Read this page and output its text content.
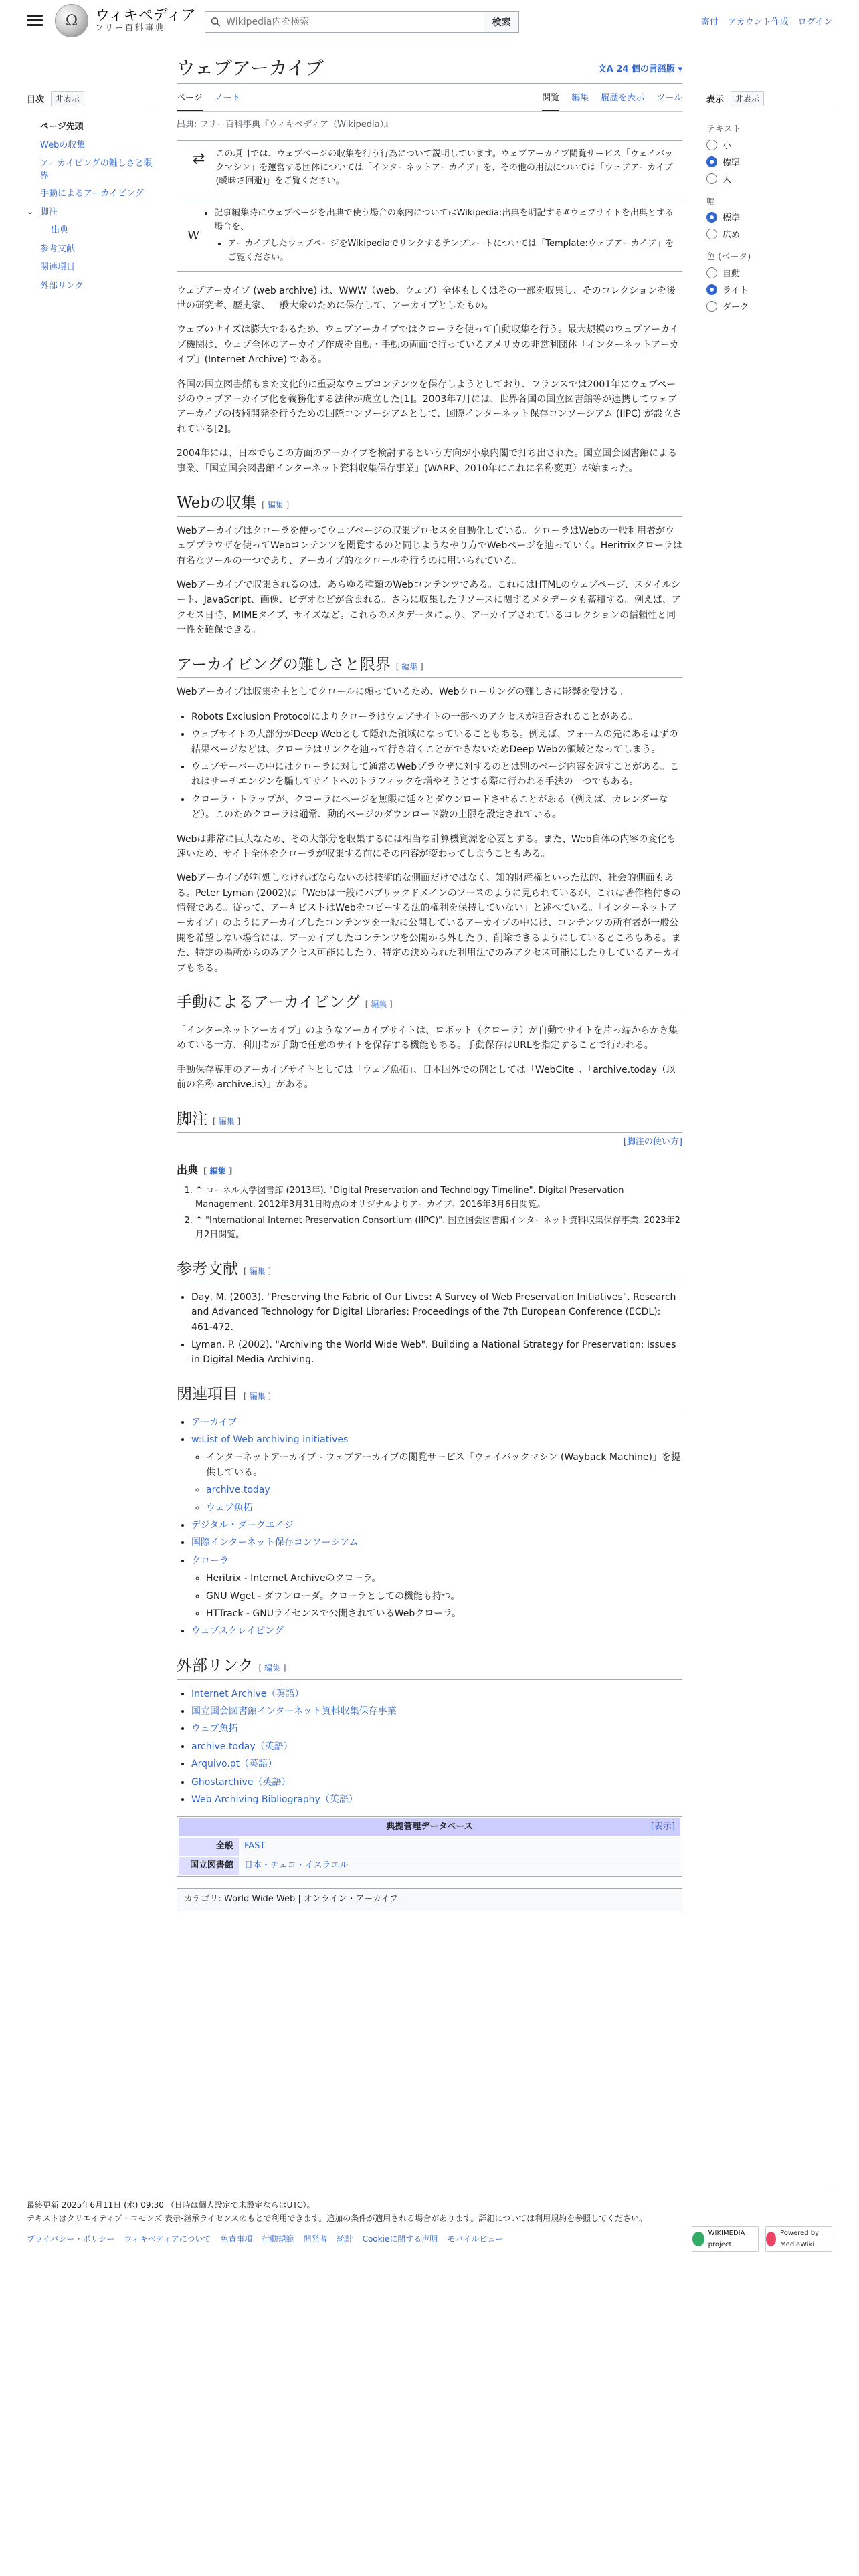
Ω	ウィキペディア
フリー百科事典
Wikipedia内を検索
検索	寄付 アカウント作成 ログイン
目次	非表示
ページ先頭
Webの収集
アーカイビングの難しさと限界
手動によるアーカイビング
⌄ 脚注
出典
参考文献
関連項目
外部リンク
ウェブアーカイブ	文A 24 個の言語版 ▾
ページ ノート	閲覧 編集 履歴を表示 ツール
出典: フリー百科事典『ウィキペディア（Wikipedia）』
⇄ この項目では、ウェブページの収集を行う行為について説明しています。ウェブアーカイブ閲覧サービス「ウェイバックマシン」を運営する団体については「インターネットアーカイブ」を、その他の用法については「ウェブアーカイブ (曖昧さ回避)」をご覧ください。
W
• 記事編集時にウェブページを出典で使う場合の案内についてはWikipedia:出典を明記する#ウェブサイトを出典とする場合を、
• アーカイブしたウェブページをWikipediaでリンクするテンプレートについては「Template:ウェブアーカイブ」をご覧ください。

ウェブアーカイブ (web archive) は、WWW（web、ウェブ）全体もしくはその一部を収集し、そのコレクションを後世の研究者、歴史家、一般大衆のために保存して、アーカイブとしたもの。

ウェブのサイズは膨大であるため、ウェブアーカイブではクローラを使って自動収集を行う。最大規模のウェブアーカイブ機関は、ウェブ全体のアーカイブ作成を自動・手動の両面で行っているアメリカの非営利団体「インターネットアーカイブ」(Internet Archive) である。

各国の国立図書館もまた文化的に重要なウェブコンテンツを保存しようとしており、フランスでは2001年にウェブページのウェブアーカイブ化を義務化する法律が成立した[1]。2003年7月には、世界各国の国立図書館等が連携してウェブアーカイブの技術開発を行うための国際コンソーシアムとして、国際インターネット保存コンソーシアム (IIPC) が設立されている[2]。

2004年には、日本でもこの方面のアーカイブを検討するという方向が小泉内閣で打ち出された。国立国会図書館による事業、「国立国会図書館インターネット資料収集保存事業」(WARP、2010年にこれに名称変更）が始まった。

Webの収集 [ 編集 ]

Webアーカイブはクローラを使ってウェブページの収集プロセスを自動化している。クローラはWebの一般利用者がウェブブラウザを使ってWebコンテンツを閲覧するのと同じようなやり方でWebページを辿っていく。Heritrixクローラは有名なツールの一つであり、アーカイブ的なクロールを行うのに用いられている。

Webアーカイブで収集されるのは、あらゆる種類のWebコンテンツである。これにはHTMLのウェブページ、スタイルシート、JavaScript、画像、ビデオなどが含まれる。さらに収集したリソースに関するメタデータも蓄積する。例えば、アクセス日時、MIMEタイプ、サイズなど。これらのメタデータにより、アーカイブされているコレクションの信頼性と同一性を確保できる。

アーカイビングの難しさと限界 [ 編集 ]

Webアーカイブは収集を主としてクロールに頼っているため、Webクローリングの難しさに影響を受ける。

• Robots Exclusion Protocolによりクローラはウェブサイトの一部へのアクセスが拒否されることがある。
• ウェブサイトの大部分がDeep Webとして隠れた領域になっていることもある。例えば、フォームの先にあるはずの結果ページなどは、クローラはリンクを辿って行き着くことができないためDeep Webの領域となってしまう。
• ウェブサーバーの中にはクローラに対して通常のWebブラウザに対するのとは別のページ内容を返すことがある。これはサーチエンジンを騙してサイトへのトラフィックを増やそうとする際に行われる手法の一つでもある。
• クローラ・トラップが、クローラにページを無限に延々とダウンロードさせることがある（例えば、カレンダーなど）。このためクローラは通常、動的ページのダウンロード数の上限を設定されている。

Webは非常に巨大なため、その大部分を収集するには相当な計算機資源を必要とする。また、Web自体の内容の変化も速いため、サイト全体をクローラが収集する前にその内容が変わってしまうこともある。

Webアーカイブが対処しなければならないのは技術的な側面だけではなく、知的財産権といった法的、社会的側面もある。Peter Lyman (2002)は「Webは一般にパブリックドメインのソースのように見られているが、これは著作権付きの情報である。従って、アーキビストはWebをコピーする法的権利を保持していない」と述べている。「インターネットアーカイブ」のようにアーカイブしたコンテンツを一般に公開しているアーカイブの中には、コンテンツの所有者が一般公開を希望しない場合には、アーカイブしたコンテンツを公開から外したり、削除できるようにしているところもある。また、特定の場所からのみアクセス可能にしたり、特定の決められた利用法でのみアクセス可能にしたりしているアーカイブもある。

手動によるアーカイビング [ 編集 ]

「インターネットアーカイブ」のようなアーカイブサイトは、ロボット（クローラ）が自動でサイトを片っ端からかき集めている一方、利用者が手動で任意のサイトを保存する機能もある。手動保存はURLを指定することで行われる。

手動保存専用のアーカイブサイトとしては「ウェブ魚拓」、日本国外での例としては「WebCite」、「archive.today（以前の名称 archive.is）」がある。

脚注 [ 編集 ]
[脚注の使い方]
出典 [ 編集 ]
1. ^ コーネル大学図書館 (2013年). "Digital Preservation and Technology Timeline". Digital Preservation Management. 2012年3月31日時点のオリジナルよりアーカイブ。2016年3月6日閲覧。
2. ^ "International Internet Preservation Consortium (IIPC)". 国立国会図書館インターネット資料収集保存事業. 2023年2月2日閲覧。
参考文献 [ 編集 ]
• Day, M. (2003). "Preserving the Fabric of Our Lives: A Survey of Web Preservation Initiatives". Research and Advanced Technology for Digital Libraries: Proceedings of the 7th European Conference (ECDL): 461-472.
• Lyman, P. (2002). "Archiving the World Wide Web". Building a National Strategy for Preservation: Issues in Digital Media Archiving.
関連項目 [ 編集 ]
• アーカイブ
• w:List of Web archiving initiatives
◦ インターネットアーカイブ - ウェブアーカイブの閲覧サービス「ウェイバックマシン (Wayback Machine)」を提供している。
◦ archive.today
◦ ウェブ魚拓
• デジタル・ダークエイジ
• 国際インターネット保存コンソーシアム
• クローラ
◦ Heritrix - Internet Archiveのクローラ。
◦ GNU Wget - ダウンローダ。クローラとしての機能も持つ。
◦ HTTrack - GNUライセンスで公開されているWebクローラ。
• ウェブスクレイピング
外部リンク [ 編集 ]
• Internet Archive（英語）
• 国立国会図書館インターネット資料収集保存事業
• ウェブ魚拓
• archive.today（英語）
• Arquivo.pt（英語）
• Ghostarchive（英語）
• Web Archiving Bibliography（英語）
典拠管理データベース	[表示]
全般	FAST
国立図書館	日本・チェコ・イスラエル
カテゴリ: World Wide Web | オンライン・アーカイブ
表示	非表示
テキスト
小
標準
大
幅
標準
広め
色 (ベータ)
自動
ライト
ダーク
最終更新 2025年6月11日 (水) 09:30 （日時は個人設定で未設定ならばUTC）。
テキストはクリエイティブ・コモンズ 表示-継承ライセンスのもとで利用できます。追加の条件が適用される場合があります。詳細については利用規約を参照してください。
プライバシー・ポリシー ウィキペディアについて 免責事項 行動規範 開発者 統計 Cookieに関する声明 モバイルビュー
WIKIMEDIA project
Powered by MediaWiki
